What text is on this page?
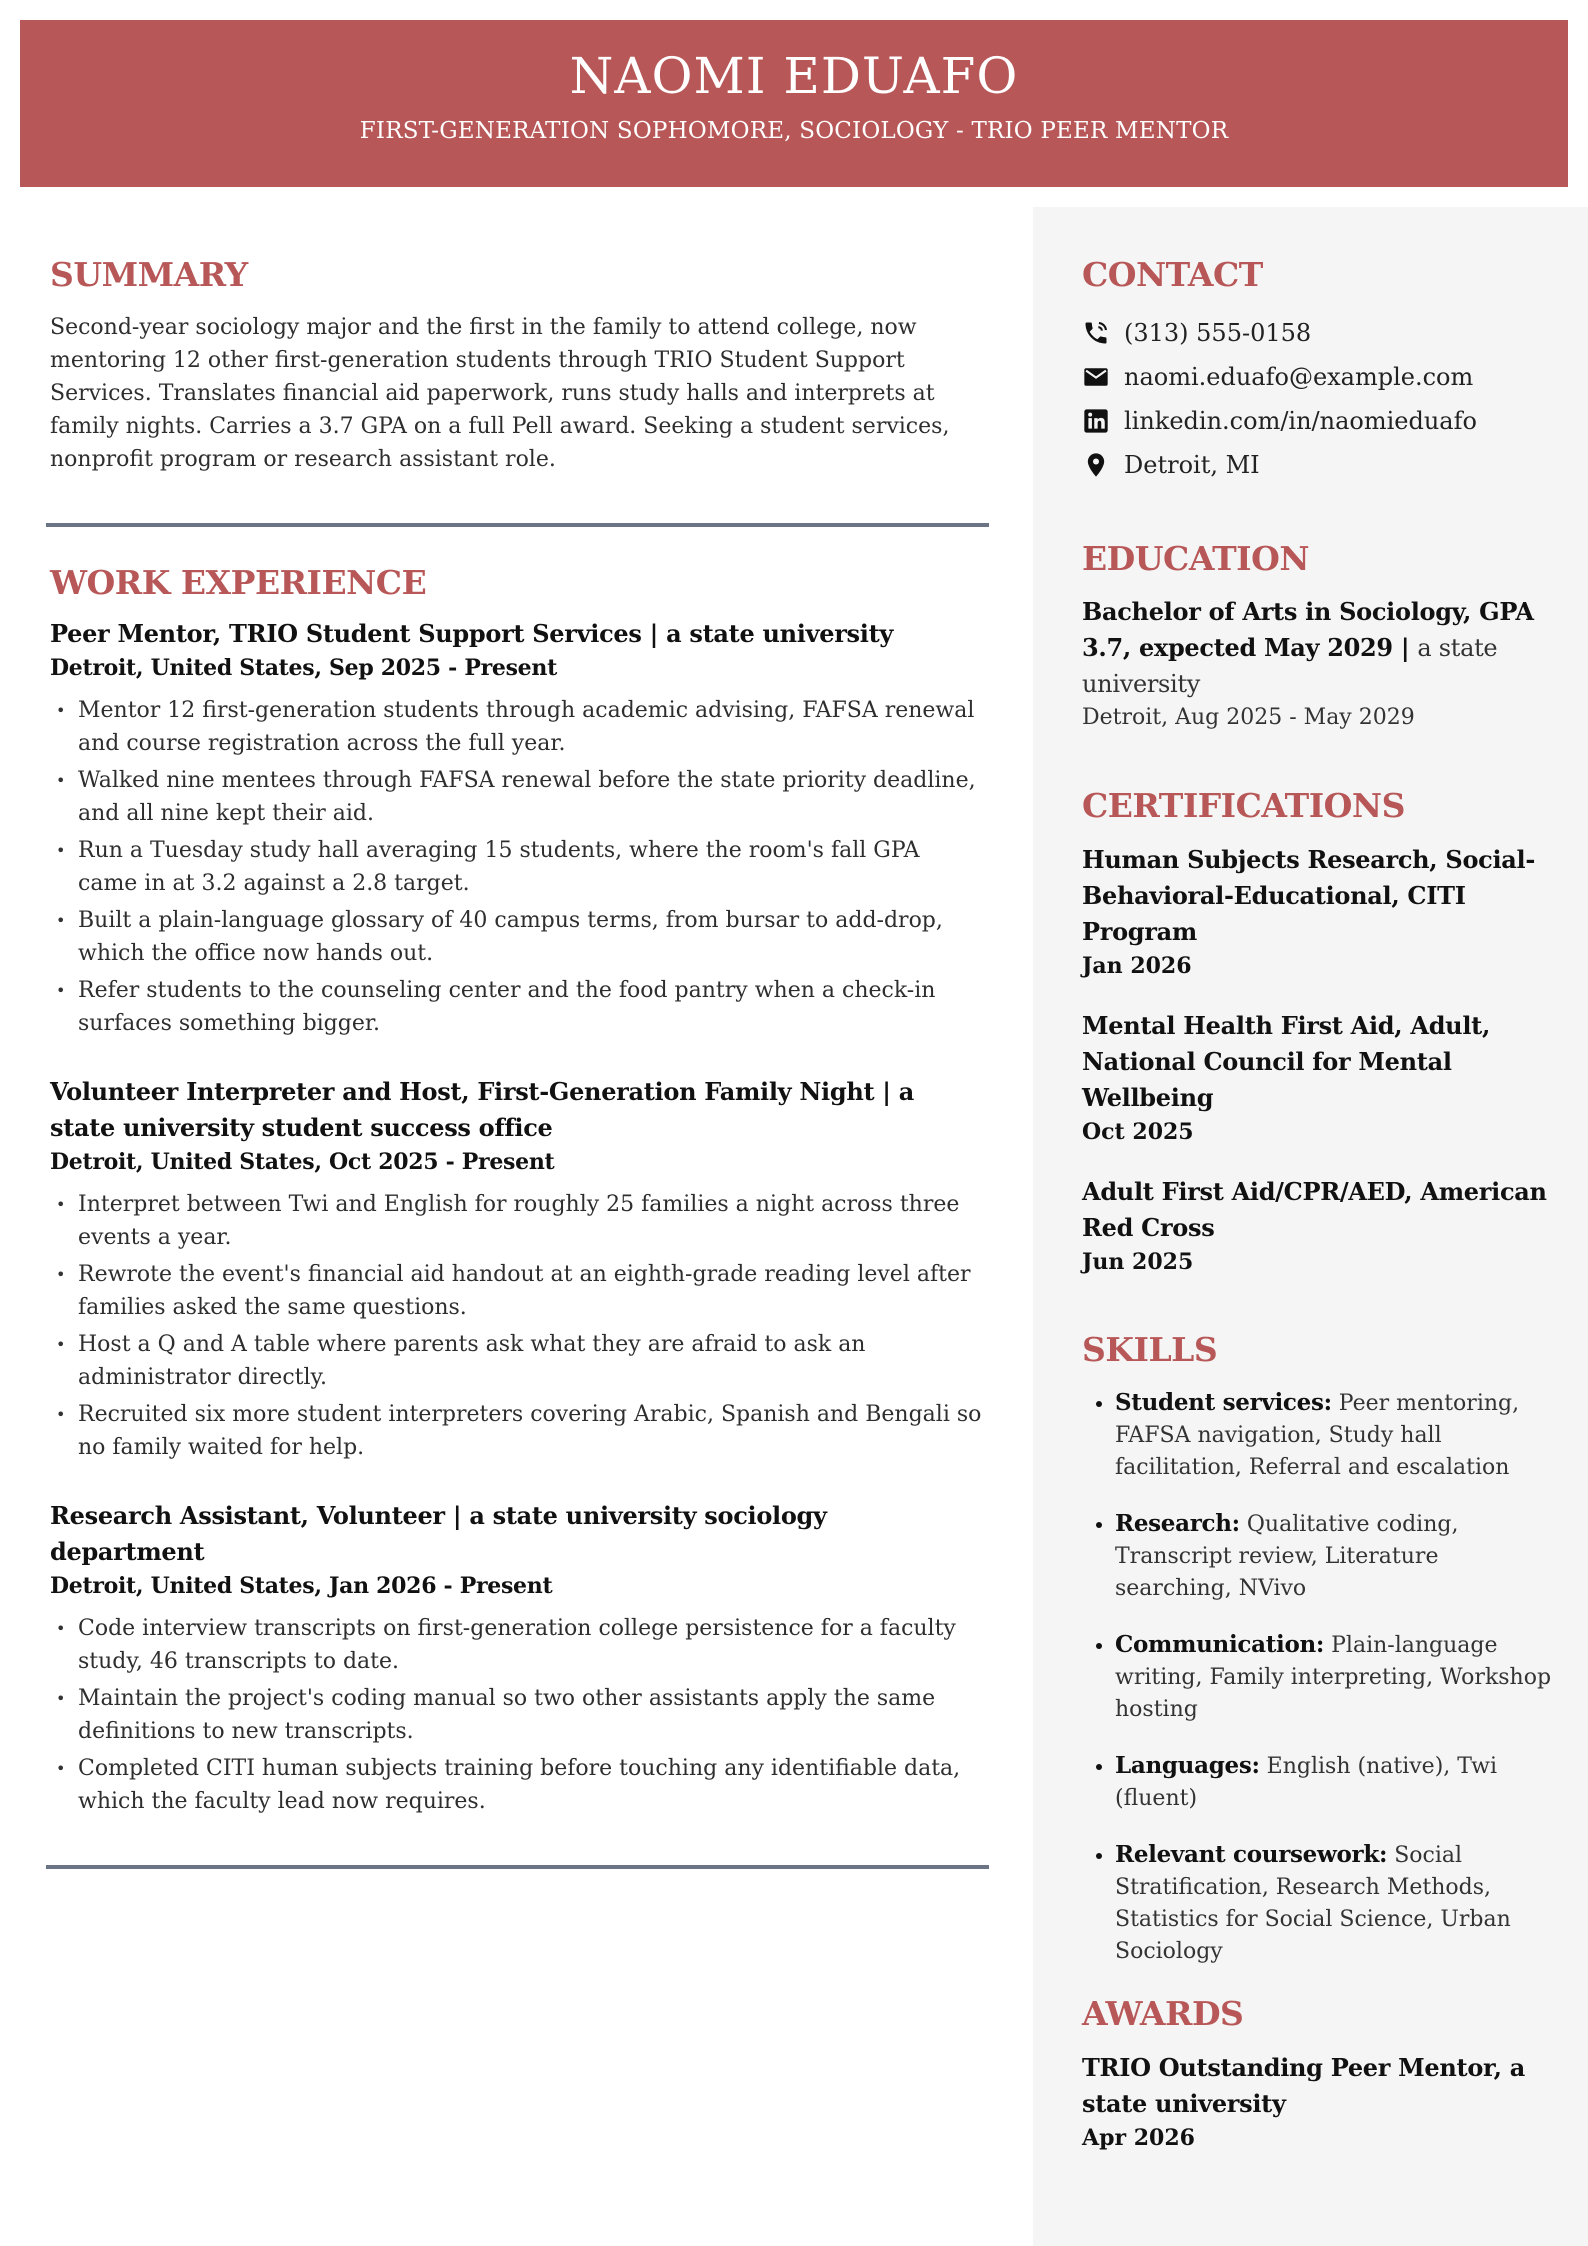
NAOMI EDUAFO
FIRST-GENERATION SOPHOMORE, SOCIOLOGY - TRIO PEER MENTOR
SUMMARY

Second-year sociology major and the first in the family to attend college, now mentoring 12 other first-generation students through TRIO Student Support Services. Translates financial aid paperwork, runs study halls and interprets at family nights. Carries a 3.7 GPA on a full Pell award. Seeking a student services, nonprofit program or research assistant role.

WORK EXPERIENCE
Peer Mentor, TRIO Student Support Services | a state university
Detroit, United States, Sep 2025 - Present
• Mentor 12 first-generation students through academic advising, FAFSA renewal and course registration across the full year.
• Walked nine mentees through FAFSA renewal before the state priority deadline, and all nine kept their aid.
• Run a Tuesday study hall averaging 15 students, where the room's fall GPA came in at 3.2 against a 2.8 target.
• Built a plain-language glossary of 40 campus terms, from bursar to add-drop, which the office now hands out.
• Refer students to the counseling center and the food pantry when a check-in surfaces something bigger.
Volunteer Interpreter and Host, First-Generation Family Night | a state university student success office
Detroit, United States, Oct 2025 - Present
• Interpret between Twi and English for roughly 25 families a night across three events a year.
• Rewrote the event's financial aid handout at an eighth-grade reading level after families asked the same questions.
• Host a Q and A table where parents ask what they are afraid to ask an administrator directly.
• Recruited six more student interpreters covering Arabic, Spanish and Bengali so no family waited for help.
Research Assistant, Volunteer | a state university sociology department
Detroit, United States, Jan 2026 - Present
• Code interview transcripts on first-generation college persistence for a faculty study, 46 transcripts to date.
• Maintain the project's coding manual so two other assistants apply the same definitions to new transcripts.
• Completed CITI human subjects training before touching any identifiable data, which the faculty lead now requires.
CONTACT
(313) 555-0158
naomi.eduafo@example.com
linkedin.com/in/naomieduafo
Detroit, MI
EDUCATION
Bachelor of Arts in Sociology, GPA 3.7, expected May 2029 | a state university
Detroit, Aug 2025 - May 2029
CERTIFICATIONS
Human Subjects Research, Social-Behavioral-Educational, CITI Program
Jan 2026
Mental Health First Aid, Adult, National Council for Mental Wellbeing
Oct 2025
Adult First Aid/CPR/AED, American Red Cross
Jun 2025
SKILLS
• Student services: Peer mentoring, FAFSA navigation, Study hall facilitation, Referral and escalation
• Research: Qualitative coding, Transcript review, Literature searching, NVivo
• Communication: Plain-language writing, Family interpreting, Workshop hosting
• Languages: English (native), Twi (fluent)
• Relevant coursework: Social Stratification, Research Methods, Statistics for Social Science, Urban Sociology
AWARDS
TRIO Outstanding Peer Mentor, a state university
Apr 2026
